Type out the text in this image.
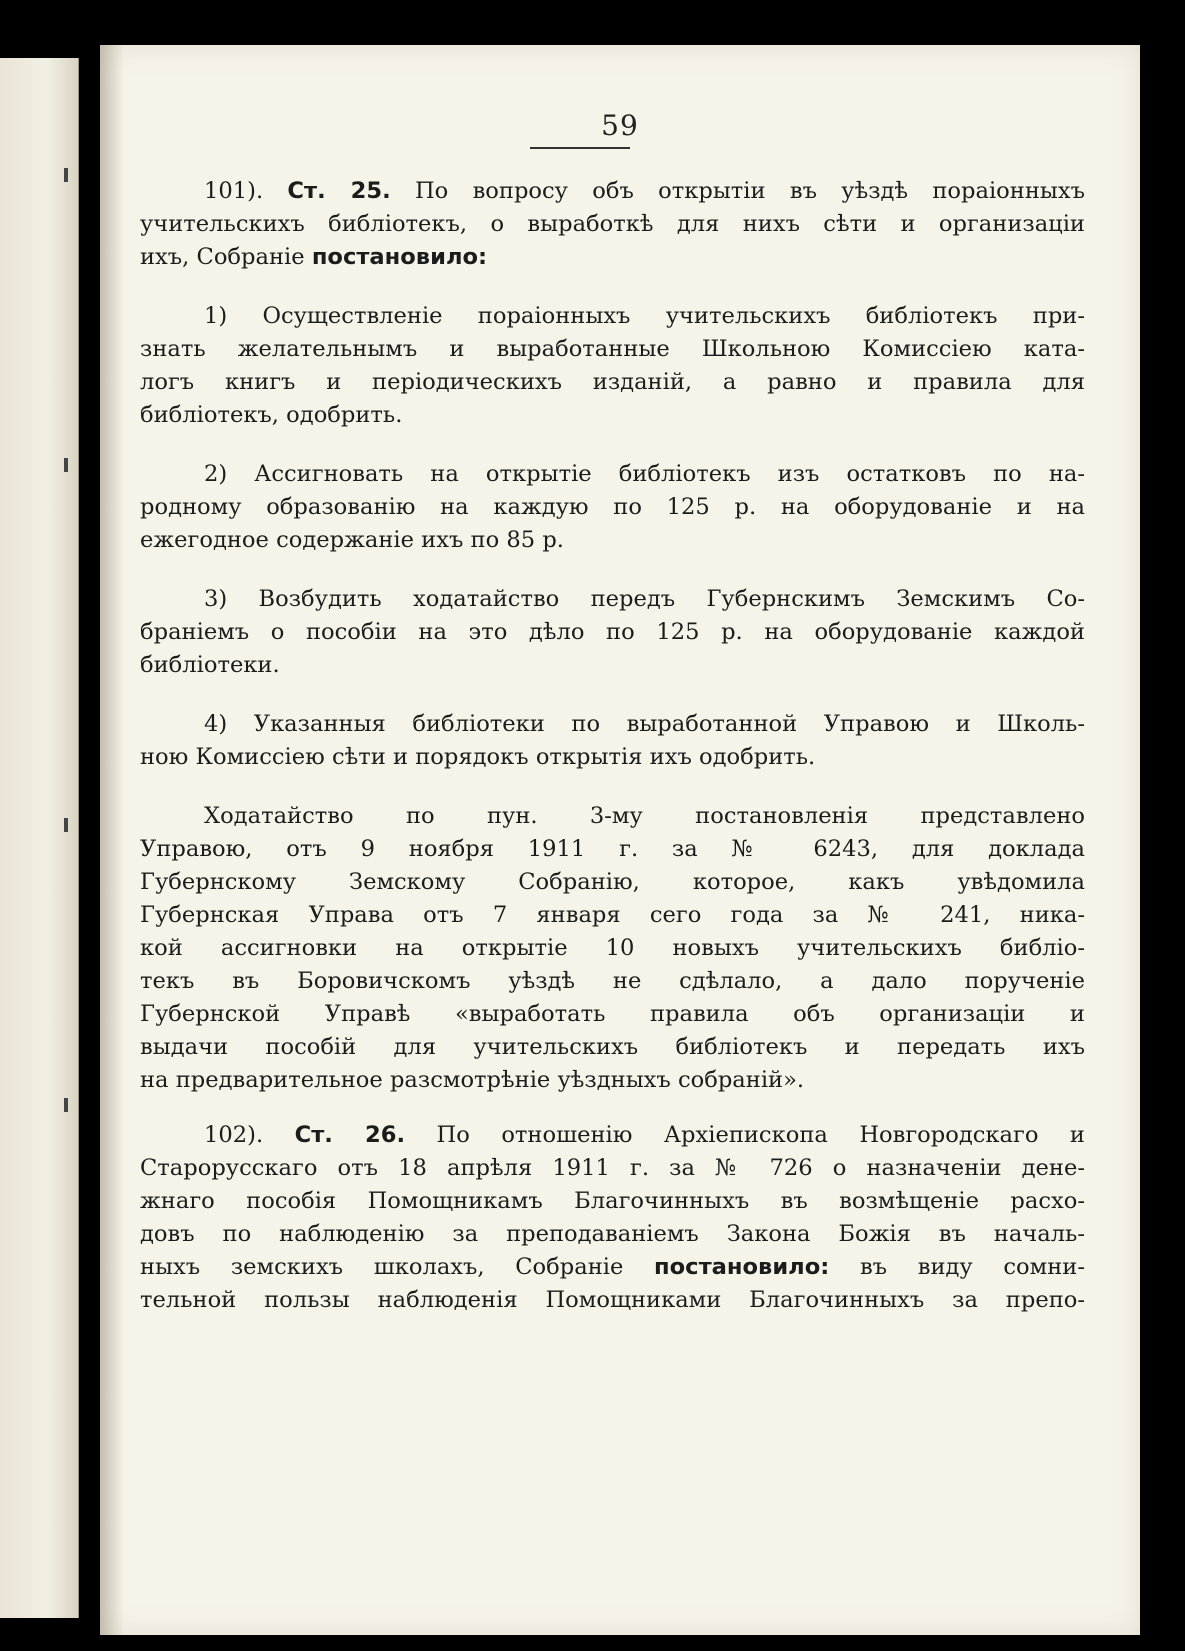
59
101). Ст. 25. По вопросу объ открытіи въ уѣздѣ пораіонныхъ
учительскихъ библіотекъ, о выработкѣ для нихъ сѣти и организаціи
ихъ, Собраніе постановило:
1) Осуществленіе пораіонныхъ учительскихъ библіотекъ при-
знать желательнымъ и выработанные Школьною Комиссіею ката-
логъ книгъ и періодическихъ изданій, а равно и правила для
библіотекъ, одобрить.
2) Ассигновать на открытіе библіотекъ изъ остатковъ по на-
родному образованію на каждую по 125 р. на оборудованіе и на
ежегодное содержаніе ихъ по 85 р.
3) Возбудить ходатайство передъ Губернскимъ Земскимъ Со-
браніемъ о пособіи на это дѣло по 125 р. на оборудованіе каждой
библіотеки.
4) Указанныя библіотеки по выработанной Управою и Школь-
ною Комиссіею сѣти и порядокъ открытія ихъ одобрить.
Ходатайство по пун. 3-му постановленія представлено
Управою, отъ 9 ноября 1911 г. за № 6243, для доклада
Губернскому Земскому Собранію, которое, какъ увѣдомила
Губернская Управа отъ 7 января сего года за № 241, ника-
кой ассигновки на открытіе 10 новыхъ учительскихъ библіо-
текъ въ Боровичскомъ уѣздѣ не сдѣлало, а дало порученіе
Губернской Управѣ «выработать правила объ организаціи и
выдачи пособій для учительскихъ библіотекъ и передать ихъ
на предварительное разсмотрѣніе уѣздныхъ собраній».
102). Ст. 26. По отношенію Архіепископа Новгородскаго и
Старорусскаго отъ 18 апрѣля 1911 г. за № 726 о назначеніи дене-
жнаго пособія Помощникамъ Благочинныхъ въ возмѣщеніе расхо-
довъ по наблюденію за преподаваніемъ Закона Божія въ началь-
ныхъ земскихъ школахъ, Собраніе постановило: въ виду сомни-
тельной пользы наблюденія Помощниками Благочинныхъ за препо-
